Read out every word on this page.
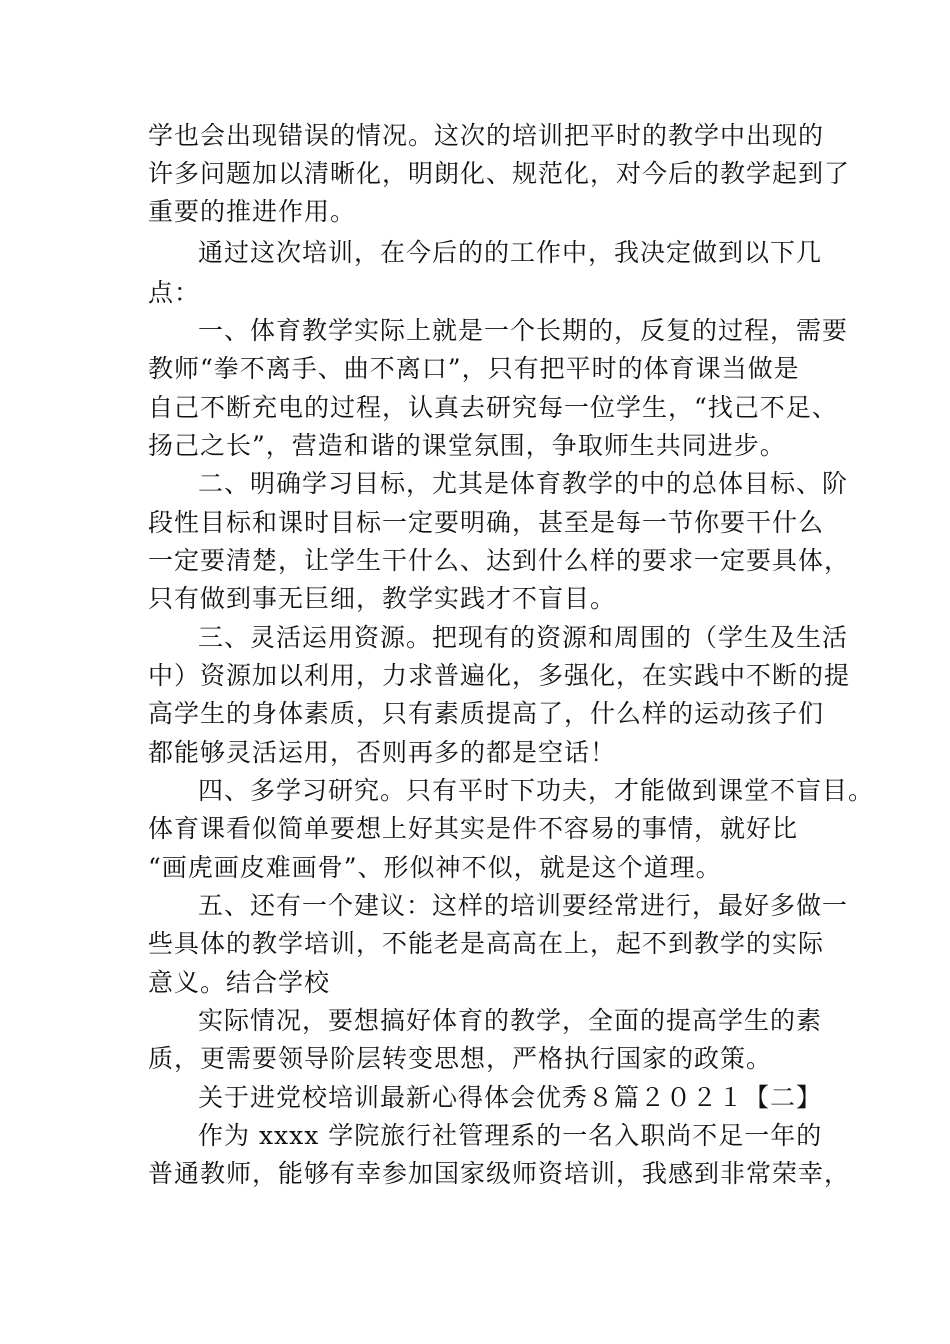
学也会出现错误的情况。这次的培训把平时的教学中出现的
许多问题加以清晰化，明朗化、规范化，对今后的教学起到了
重要的推进作用。
通过这次培训，在今后的的工作中，我决定做到以下几
点：
一、体育教学实际上就是一个长期的，反复的过程，需要
教师“拳不离手、曲不离口”，只有把平时的体育课当做是
自己不断充电的过程，认真去研究每一位学生，“找己不足、
扬己之长”，营造和谐的课堂氛围，争取师生共同进步。
二、明确学习目标，尤其是体育教学的中的总体目标、阶
段性目标和课时目标一定要明确，甚至是每一节你要干什么
一定要清楚，让学生干什么、达到什么样的要求一定要具体，
只有做到事无巨细，教学实践才不盲目。
三、灵活运用资源。把现有的资源和周围的（学生及生活
中）资源加以利用，力求普遍化，多强化，在实践中不断的提
高学生的身体素质，只有素质提高了，什么样的运动孩子们
都能够灵活运用，否则再多的都是空话！
四、多学习研究。只有平时下功夫，才能做到课堂不盲目。
体育课看似简单要想上好其实是件不容易的事情，就好比
“画虎画皮难画骨”、形似神不似，就是这个道理。
五、还有一个建议：这样的培训要经常进行，最好多做一
些具体的教学培训，不能老是高高在上，起不到教学的实际
意义。结合学校
实际情况，要想搞好体育的教学，全面的提高学生的素
质，更需要领导阶层转变思想，严格执行国家的政策。
关于进党校培训最新心得体会优秀８篇２０２１【二】
作为 xxxx 学院旅行社管理系的一名入职尚不足一年的
普通教师，能够有幸参加国家级师资培训，我感到非常荣幸，
